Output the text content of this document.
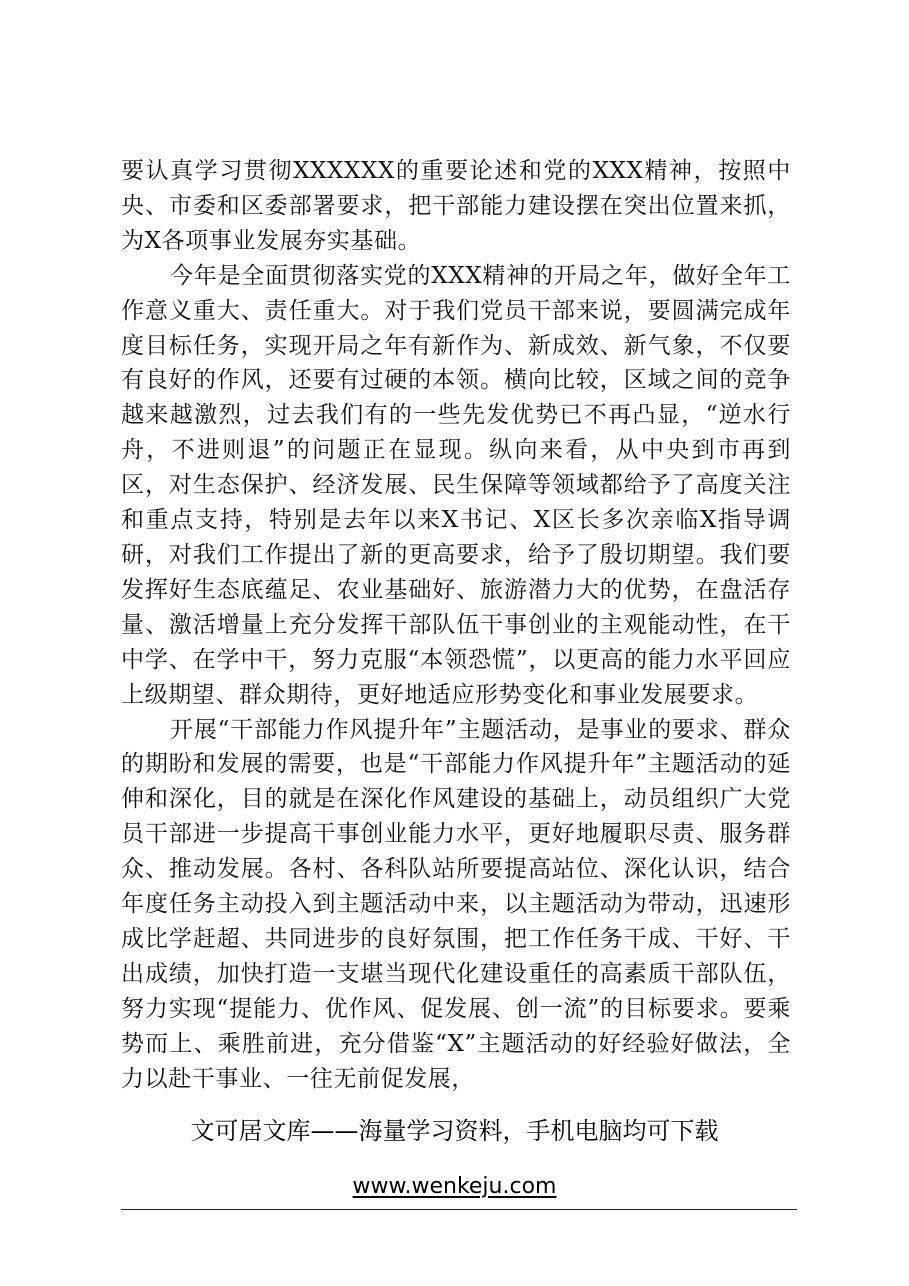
要认真学习贯彻XXXXXX的重要论述和党的XXX精神，按照中央、市委和区委部署要求，把干部能力建设摆在突出位置来抓，为X各项事业发展夯实基础。

今年是全面贯彻落实党的XXX精神的开局之年，做好全年工作意义重大、责任重大。对于我们党员干部来说，要圆满完成年度目标任务，实现开局之年有新作为、新成效、新气象，不仅要有良好的作风，还要有过硬的本领。横向比较，区域之间的竞争越来越激烈，过去我们有的一些先发优势已不再凸显，“逆水行舟，不进则退”的问题正在显现。纵向来看，从中央到市再到区，对生态保护、经济发展、民生保障等领域都给予了高度关注和重点支持，特别是去年以来X书记、X区长多次亲临X指导调研，对我们工作提出了新的更高要求，给予了殷切期望。我们要发挥好生态底蕴足、农业基础好、旅游潜力大的优势，在盘活存量、激活增量上充分发挥干部队伍干事创业的主观能动性，在干中学、在学中干，努力克服“本领恐慌”，以更高的能力水平回应上级期望、群众期待，更好地适应形势变化和事业发展要求。

开展“干部能力作风提升年”主题活动，是事业的要求、群众的期盼和发展的需要，也是“干部能力作风提升年”主题活动的延伸和深化，目的就是在深化作风建设的基础上，动员组织广大党员干部进一步提高干事创业能力水平，更好地履职尽责、服务群众、推动发展。各村、各科队站所要提高站位、深化认识，结合年度任务主动投入到主题活动中来，以主题活动为带动，迅速形成比学赶超、共同进步的良好氛围，把工作任务干成、干好、干出成绩，加快打造一支堪当现代化建设重任的高素质干部队伍，努力实现“提能力、优作风、促发展、创一流”的目标要求。要乘势而上、乘胜前进，充分借鉴“X”主题活动的好经验好做法，全力以赴干事业、一往无前促发展，

文可居文库——海量学习资料，手机电脑均可下载
www.wenkeju.com
